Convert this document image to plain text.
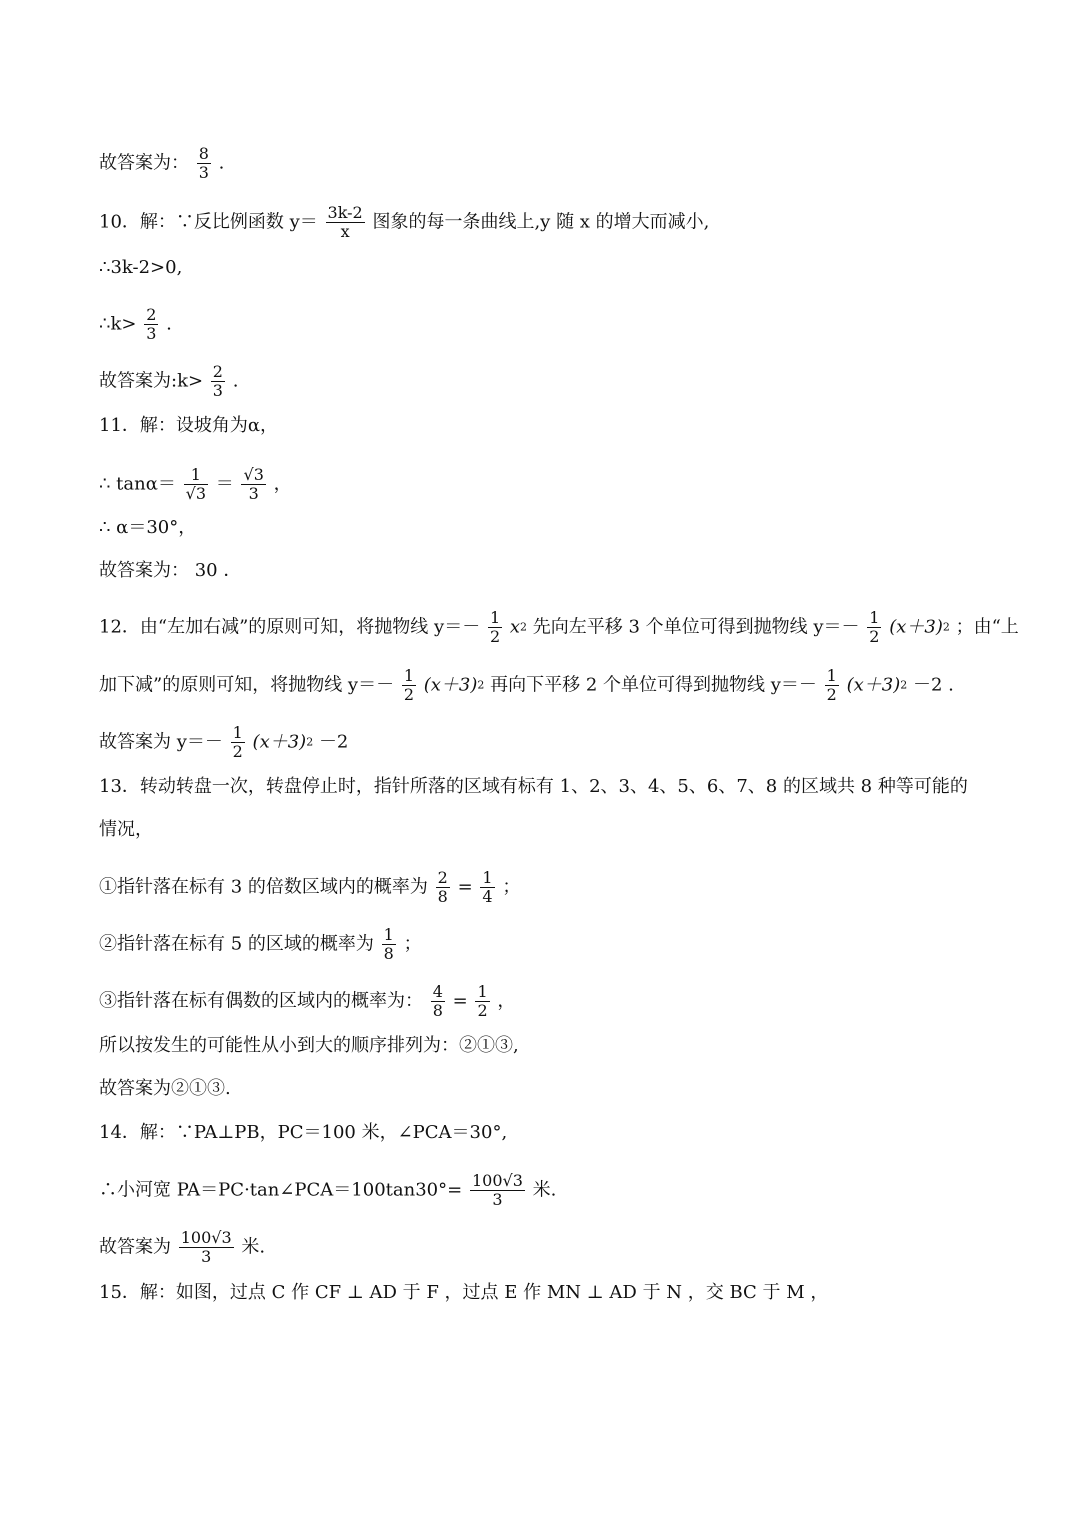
故答案为： $\frac{8}{3}$ .
10．解：∵反比例函数 $y= \frac{3k-2}{x}$ 图象的每一条曲线上,y 随 x 的增大而减小,
∴3k-2>0,
∴k> $\frac{2}{3}$ .
故答案为:k> $\frac{2}{3}$ .
11．解：设坡角为α，
∴ $\tan\alpha= \frac{1}{√3} = \frac{√3}{3}$ ，
∴ α＝30°，
故答案为： 30 ．
12．由“左加右减”的原则可知，将抛物线 $y=- \frac{1}{2} x2$ 先向左平移 3 个单位可得到抛物线 $y=- \frac{1}{2} (x+3)2$ ；由“上
加下减”的原则可知，将抛物线 $y=- \frac{1}{2} (x+3)2$ 再向下平移 2 个单位可得到抛物线 $y=- \frac{1}{2} (x+3)2 -2$ .
故答案为 $y=- \frac{1}{2} (x+3)2 -2$
13．转动转盘一次，转盘停止时，指针所落的区域有标有 1、2、3、4、5、6、7、8 的区域共 8 种等可能的
情况，
①指针落在标有 3 的倍数区域内的概率为 $\frac{2}{8} = \frac{1}{4}$ ；
②指针落在标有 5 的区域的概率为 $\frac{1}{8}$ ；
③指针落在标有偶数的区域内的概率为： $\frac{4}{8} = \frac{1}{2}$ ，
所以按发生的可能性从小到大的顺序排列为：②①③,
故答案为②①③.
14．解：∵PA⊥PB，PC＝100 米，∠PCA＝30°,
∴小河宽 PA＝PC·tan∠PCA＝100tan30°= $\frac{100√3}{3}$ 米.
故答案为 $\frac{100√3}{3}$ 米.
15．解：如图，过点 C 作 CF ⊥ AD 于 F ，过点 E 作 MN ⊥ AD 于 N ，交 BC 于 M ，
